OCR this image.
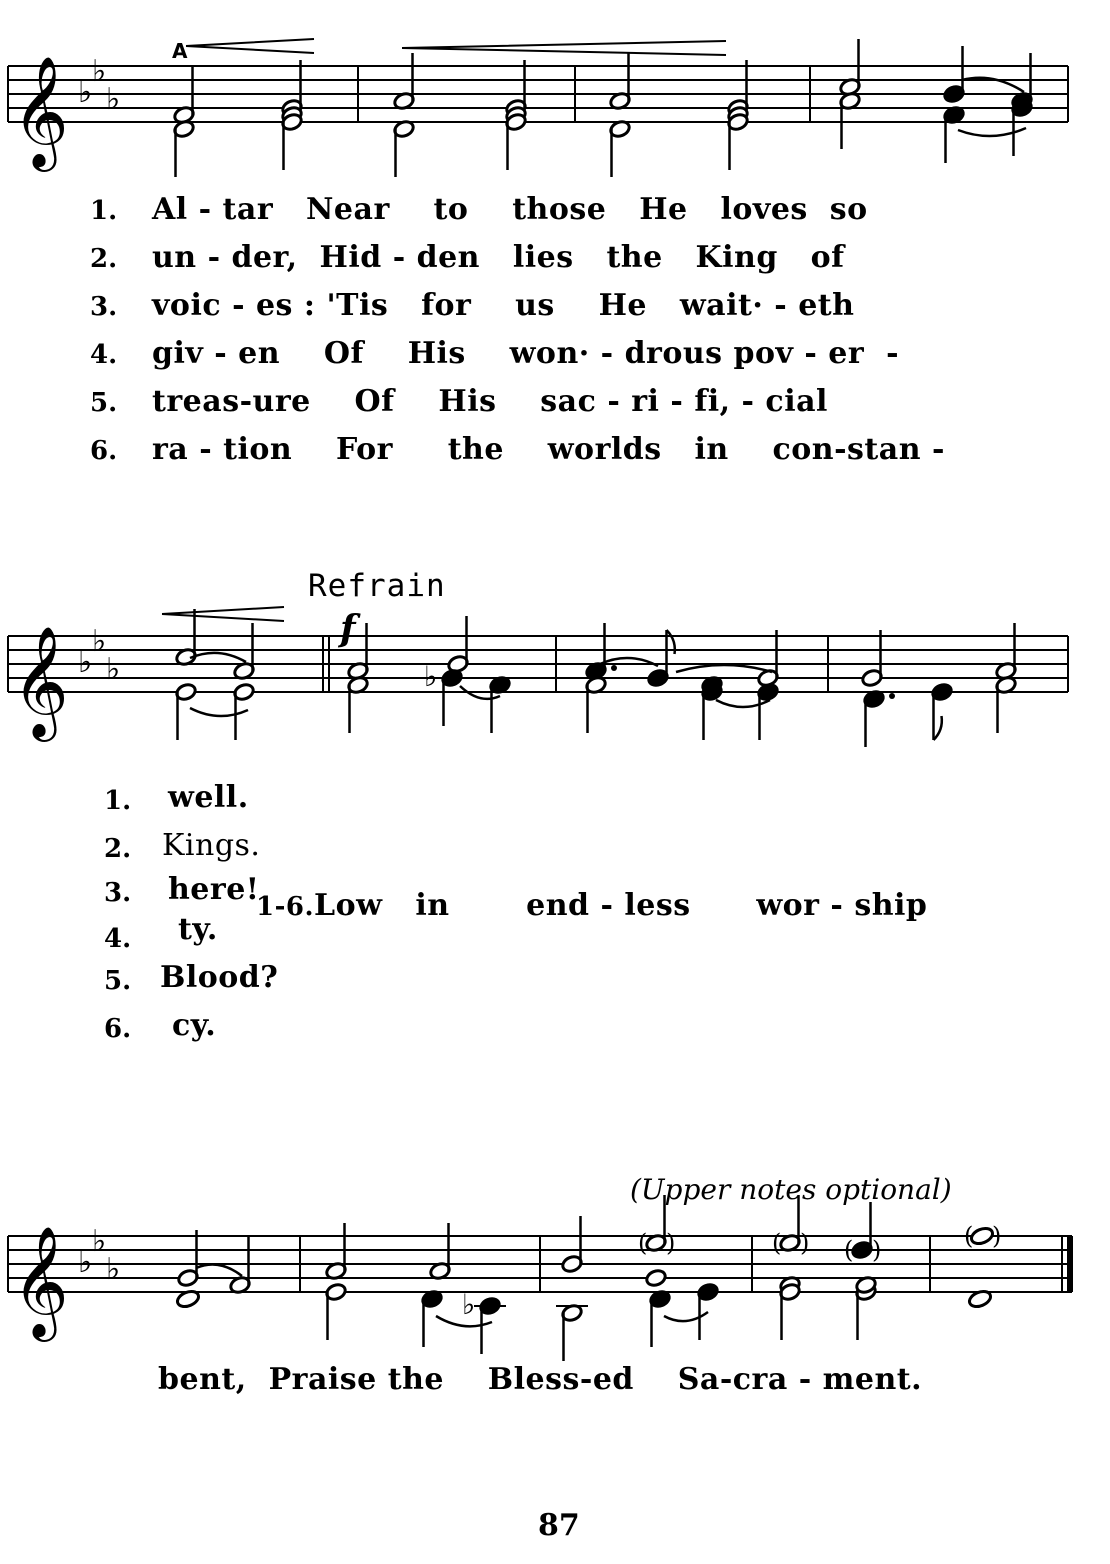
𝄞 ♭
♭
♭
A
1. Al - tar Near to those He loves so
2. un - der, Hid - den lies the King of
3. voic - es : 'Tis for us He wait· - eth
4. giv - en Of His won· - drous pov - er -
5. treas-ure Of His sac - ri - fi, - cial
6. ra - tion For the worlds in con-stan -
Refrain
f
𝄞 ♭
♭
♭	♭
1. well.
2. Kings.
3. here!
4. ty.
5. Blood?
6. cy.
1-6.Low in	end - less wor - ship
(Upper notes optional)
𝄞 ♭
♭
♭
♭
( )	( ) ( )	( )
bent, Praise the Bless-ed Sa-cra - ment.
87
